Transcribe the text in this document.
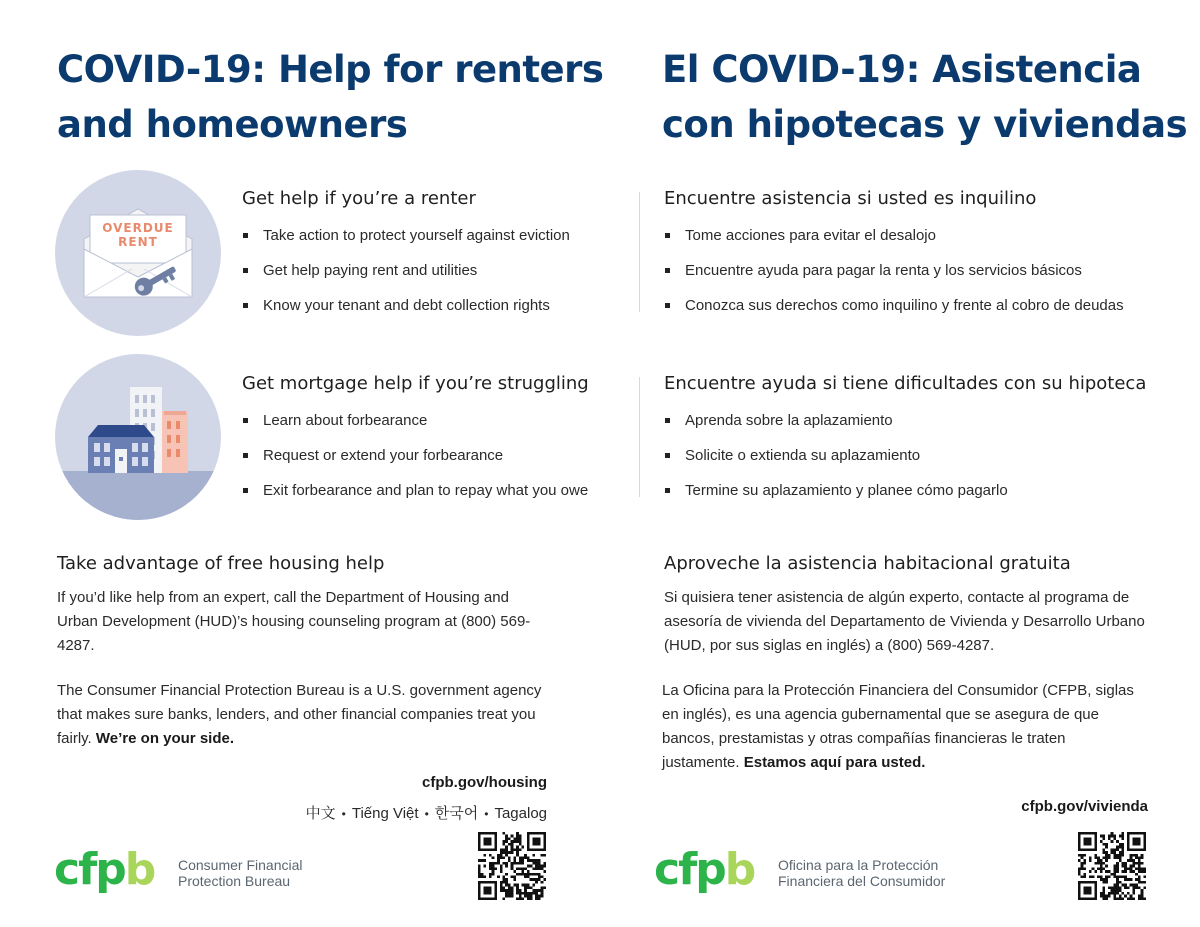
COVID-19: Help for renters
and homeowners
El COVID-19: Asistencia
con hipotecas y viviendas
OVERDUE
RENT
Get help if you’re a renter
Take action to protect yourself against eviction
Get help paying rent and utilities
Know your tenant and debt collection rights
Get mortgage help if you’re struggling
Learn about forbearance
Request or extend your forbearance
Exit forbearance and plan to repay what you owe
Encuentre asistencia si usted es inquilino
Tome acciones para evitar el desalojo
Encuentre ayuda para pagar la renta y los servicios básicos
Conozca sus derechos como inquilino y frente al cobro de deudas
Encuentre ayuda si tiene dificultades con su hipoteca
Aprenda sobre la aplazamiento
Solicite o extienda su aplazamiento
Termine su aplazamiento y planee cómo pagarlo
Take advantage of free housing help
If you’d like help from an expert, call the Department of Housing and Urban Development (HUD)’s housing counseling program at (800) 569-4287.
The Consumer Financial Protection Bureau is a U.S. government agency that makes sure banks, lenders, and other financial companies treat you fairly. We’re on your side.
cfpb.gov/housing
中文 • Tiếng Việt • 한국어 • Tagalog
Aproveche la asistencia habitacional gratuita
Si quisiera tener asistencia de algún experto, contacte al programa de asesoría de vivienda del Departamento de Vivienda y Desarrollo Urbano (HUD, por sus siglas en inglés) a (800) 569-4287.
La Oficina para la Protección Financiera del Consumidor (CFPB, siglas en inglés), es una agencia gubernamental que se asegura de que bancos, prestamistas y otras compañías financieras le traten justamente. Estamos aquí para usted.
cfpb.gov/vivienda
cfpb Consumer Financial
Protection Bureau	cfpb Oficina para la Protección
Financiera del Consumidor
